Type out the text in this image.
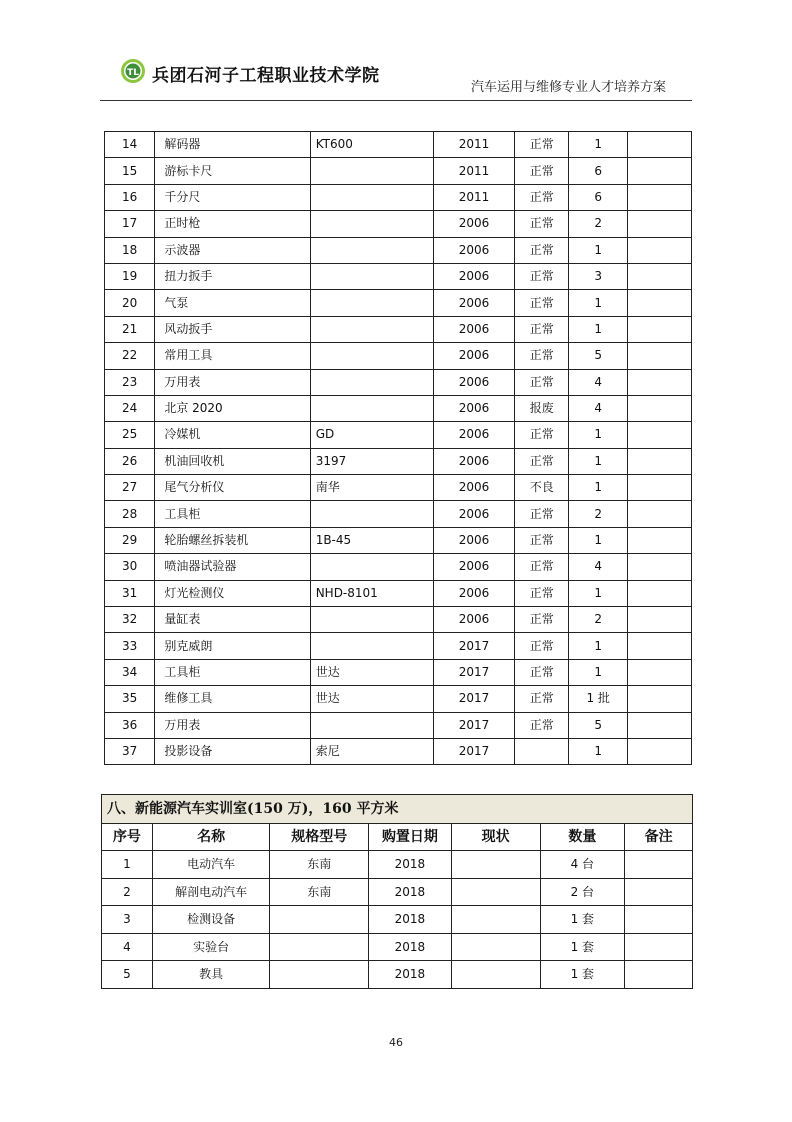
TL 兵团石河子工程职业技术学院
汽车运用与维修专业人才培养方案
14	解码器	KT600	2011	正常	1	
15	游标卡尺		2011	正常	6	
16	千分尺		2011	正常	6	
17	正时枪		2006	正常	2	
18	示波器		2006	正常	1	
19	扭力扳手		2006	正常	3	
20	气泵		2006	正常	1	
21	风动扳手		2006	正常	1	
22	常用工具		2006	正常	5	
23	万用表		2006	正常	4	
24	北京 2020		2006	报废	4	
25	冷媒机	GD	2006	正常	1	
26	机油回收机	3197	2006	正常	1	
27	尾气分析仪	南华	2006	不良	1	
28	工具柜		2006	正常	2	
29	轮胎螺丝拆装机	1B-45	2006	正常	1	
30	喷油器试验器		2006	正常	4	
31	灯光检测仪	NHD-8101	2006	正常	1	
32	量缸表		2006	正常	2	
33	别克威朗		2017	正常	1	
34	工具柜	世达	2017	正常	1	
35	维修工具	世达	2017	正常	1 批	
36	万用表		2017	正常	5	
37	投影设备	索尼	2017		1	
八、新能源汽车实训室(150 万)，160 平方米						
序号	名称	规格型号	购置日期	现状	数量	备注
1	电动汽车	东南	2018		4 台	
2	解剖电动汽车	东南	2018		2 台	
3	检测设备		2018		1 套	
4	实验台		2018		1 套	
5	教具		2018		1 套	
46
